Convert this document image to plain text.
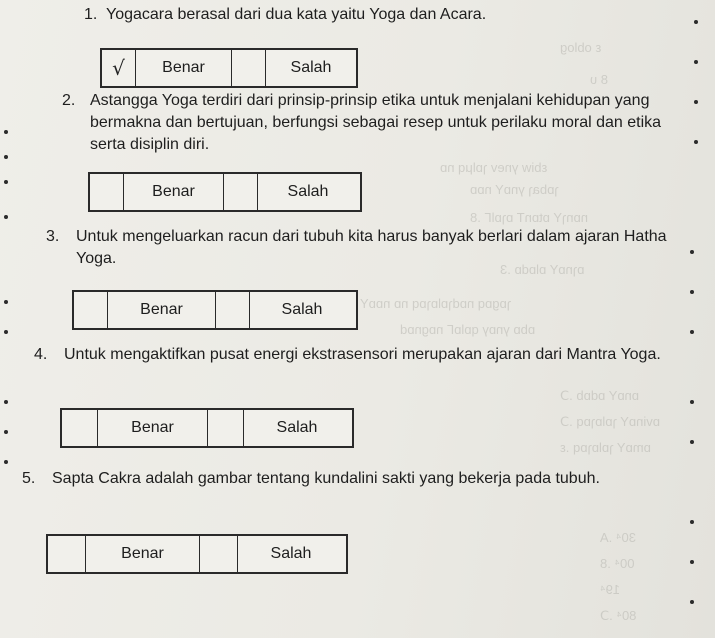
ε oblog
8 ᴜ
εbiw γnev ɿɒlμq nɒ
ɿɒbaɿ γnɒY nɒɒ
nɒnɿY ɒtɒnT ɒɿɒlΓ .8
ɒɿnɒY ɒlɒdɒ .3
ɿɒgɒq nɒdɿɒlɒɿɒq nɒ nɒɒY
ɒbɒ γnɒγ qɒlɒΓ nɒgnɒd
ɒnɒY ɒdɒb .Ↄ
ɒvinɒY ɿɒlɒɿɒq .Ↄ
ɒmɒY ɿɒlɒɿɒq .ε
30⁴ .A
00⁴ .8
19⁴
80⁴ .Ↄ
1. Yogacara berasal dari dua kata yaitu Yoga dan Acara.
√	Benar	Salah
2. Astangga Yoga terdiri dari prinsip-prinsip etika untuk menjalani kehidupan yang bermakna dan bertujuan, berfungsi sebagai resep untuk perilaku moral dan etika serta disiplin diri.
Benar	Salah
3. Untuk mengeluarkan racun dari tubuh kita harus banyak berlari dalam ajaran Hatha Yoga.
Benar	Salah
4. Untuk mengaktifkan pusat energi ekstrasensori merupakan ajaran dari Mantra Yoga.
Benar	Salah
5. Sapta Cakra adalah gambar tentang kundalini sakti yang bekerja pada tubuh.
Benar	Salah
